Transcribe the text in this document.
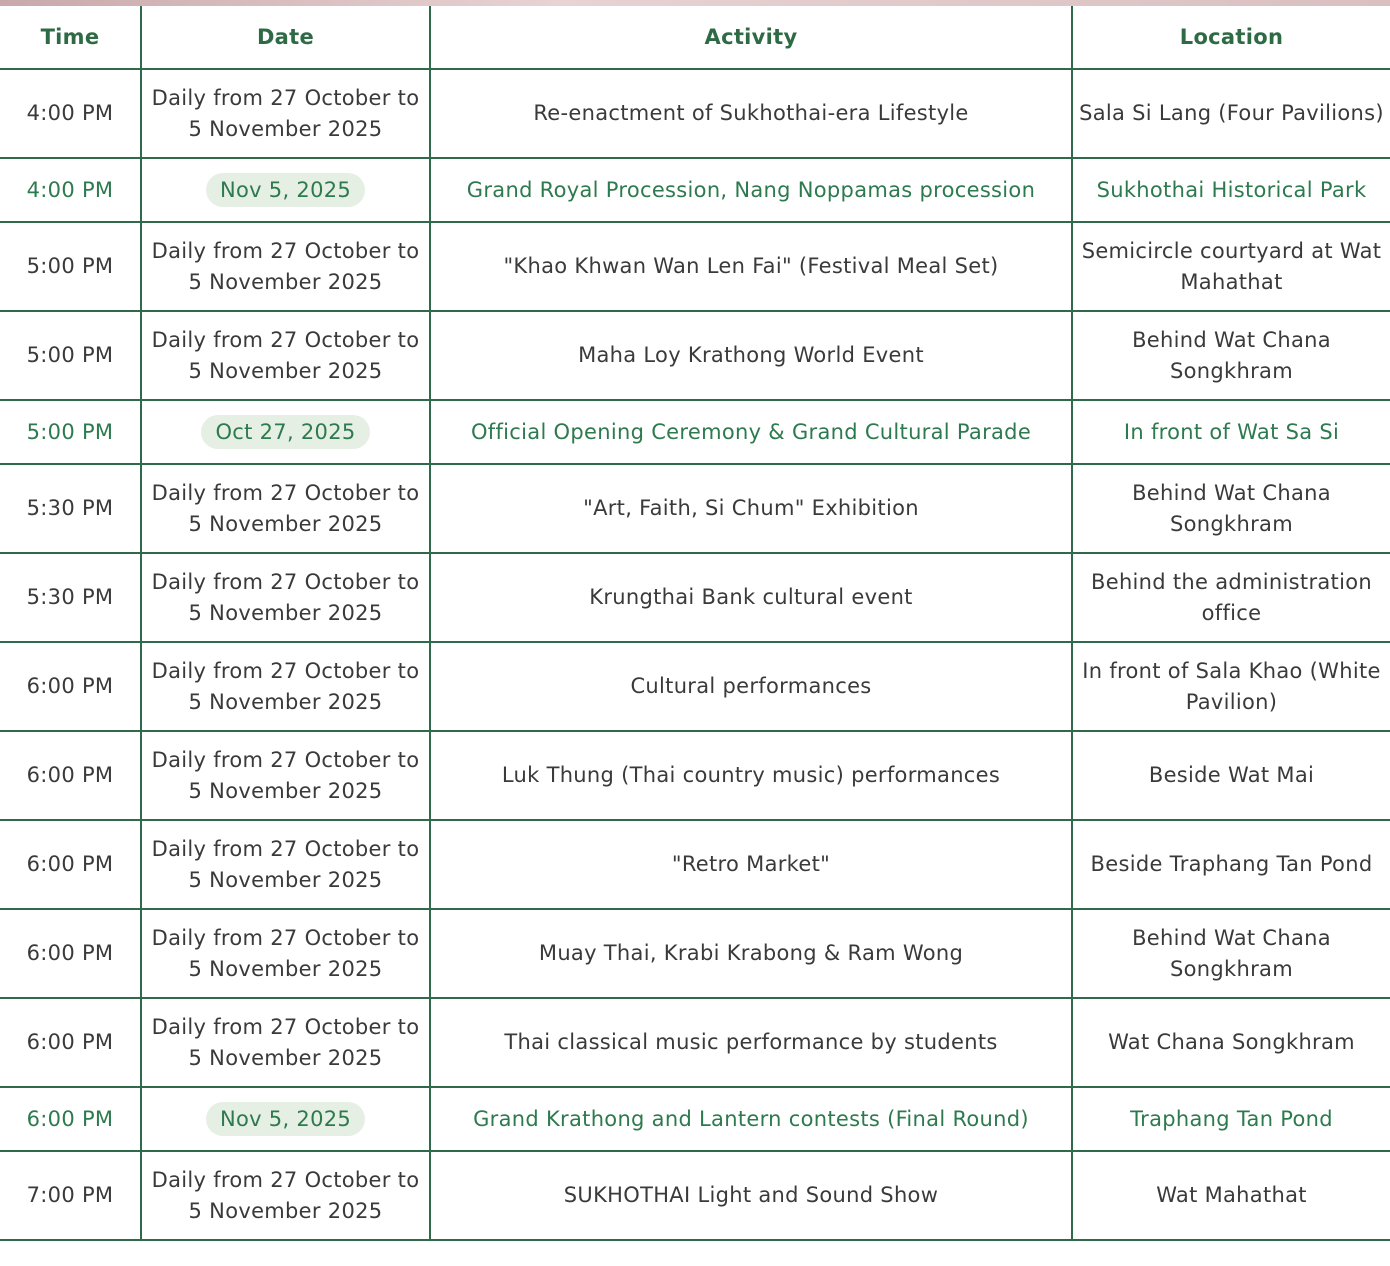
Time	Date	Activity	Location
4:00 PM	Daily from 27 October to 5 November 2025	Re-enactment of Sukhothai-era Lifestyle	Sala Si Lang (Four Pavilions)
4:00 PM	Nov 5, 2025	Grand Royal Procession, Nang Noppamas procession	Sukhothai Historical Park
5:00 PM	Daily from 27 October to 5 November 2025	"Khao Khwan Wan Len Fai" (Festival Meal Set)	Semicircle courtyard at Wat Mahathat
5:00 PM	Daily from 27 October to 5 November 2025	Maha Loy Krathong World Event	Behind Wat Chana Songkhram
5:00 PM	Oct 27, 2025	Official Opening Ceremony & Grand Cultural Parade	In front of Wat Sa Si
5:30 PM	Daily from 27 October to 5 November 2025	"Art, Faith, Si Chum" Exhibition	Behind Wat Chana Songkhram
5:30 PM	Daily from 27 October to 5 November 2025	Krungthai Bank cultural event	Behind the administration office
6:00 PM	Daily from 27 October to 5 November 2025	Cultural performances	In front of Sala Khao (White Pavilion)
6:00 PM	Daily from 27 October to 5 November 2025	Luk Thung (Thai country music) performances	Beside Wat Mai
6:00 PM	Daily from 27 October to 5 November 2025	"Retro Market"	Beside Traphang Tan Pond
6:00 PM	Daily from 27 October to 5 November 2025	Muay Thai, Krabi Krabong & Ram Wong	Behind Wat Chana Songkhram
6:00 PM	Daily from 27 October to 5 November 2025	Thai classical music performance by students	Wat Chana Songkhram
6:00 PM	Nov 5, 2025	Grand Krathong and Lantern contests (Final Round)	Traphang Tan Pond
7:00 PM	Daily from 27 October to 5 November 2025	SUKHOTHAI Light and Sound Show	Wat Mahathat
